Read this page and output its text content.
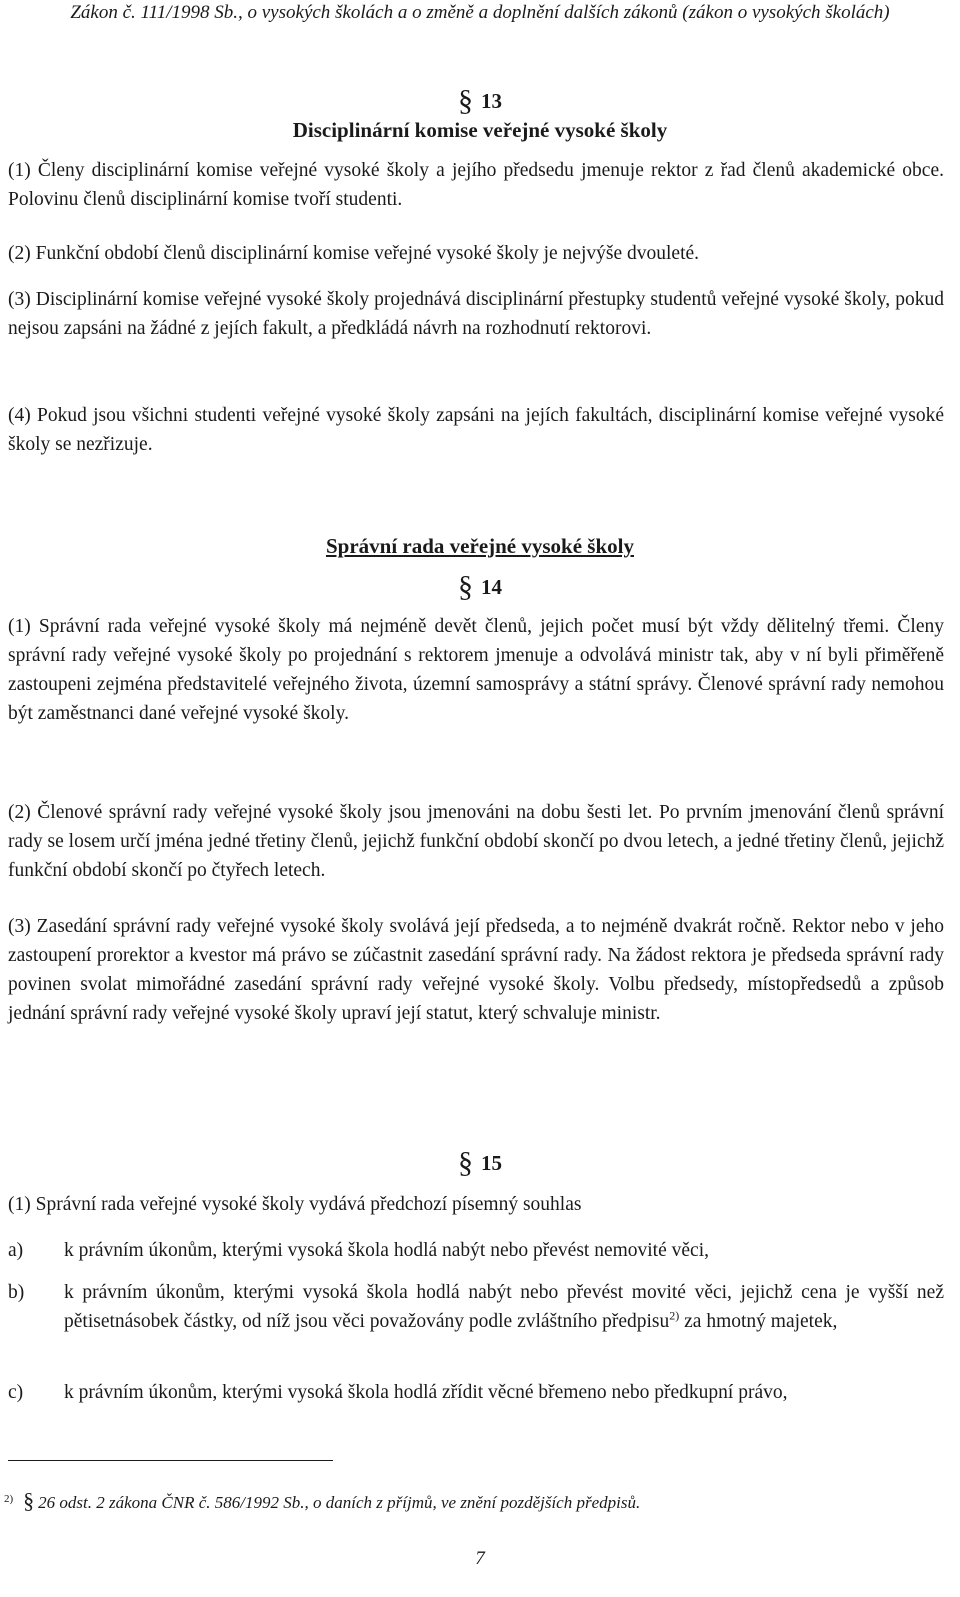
Zákon č. 111/1998 Sb., o vysokých školách a o změně a doplnění dalších zákonů (zákon o vysokých školách)
§ 13
Disciplinární komise veřejné vysoké školy

(1) Členy disciplinární komise veřejné vysoké školy a jejího předsedu jmenuje rektor z řad členů akademické obce. Polovinu členů disciplinární komise tvoří studenti.

(2) Funkční období členů disciplinární komise veřejné vysoké školy je nejvýše dvouleté.

(3) Disciplinární komise veřejné vysoké školy projednává disciplinární přestupky studentů veřejné vysoké školy, pokud nejsou zapsáni na žádné z jejích fakult, a předkládá návrh na rozhodnutí rektorovi.

(4) Pokud jsou všichni studenti veřejné vysoké školy zapsáni na jejích fakultách, disciplinární komise veřejné vysoké školy se nezřizuje.

Správní rada veřejné vysoké školy
§ 14

(1) Správní rada veřejné vysoké školy má nejméně devět členů, jejich počet musí být vždy dělitelný třemi. Členy správní rady veřejné vysoké školy po projednání s rektorem jmenuje a odvolává ministr tak, aby v ní byli přiměřeně zastoupeni zejména představitelé veřejného života, územní samosprávy a státní správy. Členové správní rady nemohou být zaměstnanci dané veřejné vysoké školy.

(2) Členové správní rady veřejné vysoké školy jsou jmenováni na dobu šesti let. Po prvním jmenování členů správní rady se losem určí jména jedné třetiny členů, jejichž funkční období skončí po dvou letech, a jedné třetiny členů, jejichž funkční období skončí po čtyřech letech.

(3) Zasedání správní rady veřejné vysoké školy svolává její předseda, a to nejméně dvakrát ročně. Rektor nebo v jeho zastoupení prorektor a kvestor má právo se zúčastnit zasedání správní rady. Na žádost rektora je předseda správní rady povinen svolat mimořádné zasedání správní rady veřejné vysoké školy. Volbu předsedy, místopředsedů a způsob jednání správní rady veřejné vysoké školy upraví její statut, který schvaluje ministr.

§ 15

(1) Správní rada veřejné vysoké školy vydává předchozí písemný souhlas

a)	k právním úkonům, kterými vysoká škola hodlá nabýt nebo převést nemovité věci,
b)	k právním úkonům, kterými vysoká škola hodlá nabýt nebo převést movité věci, jejichž cena je vyšší než pětisetnásobek částky, od níž jsou věci považovány podle zvláštního předpisu$^{2)}$ za hmotný majetek,
c)	k právním úkonům, kterými vysoká škola hodlá zřídit věcné břemeno nebo předkupní právo,
$^{2)}$ § 26 odst. 2 zákona ČNR č. 586/1992 Sb., o daních z příjmů, ve znění pozdějších předpisů.
7
